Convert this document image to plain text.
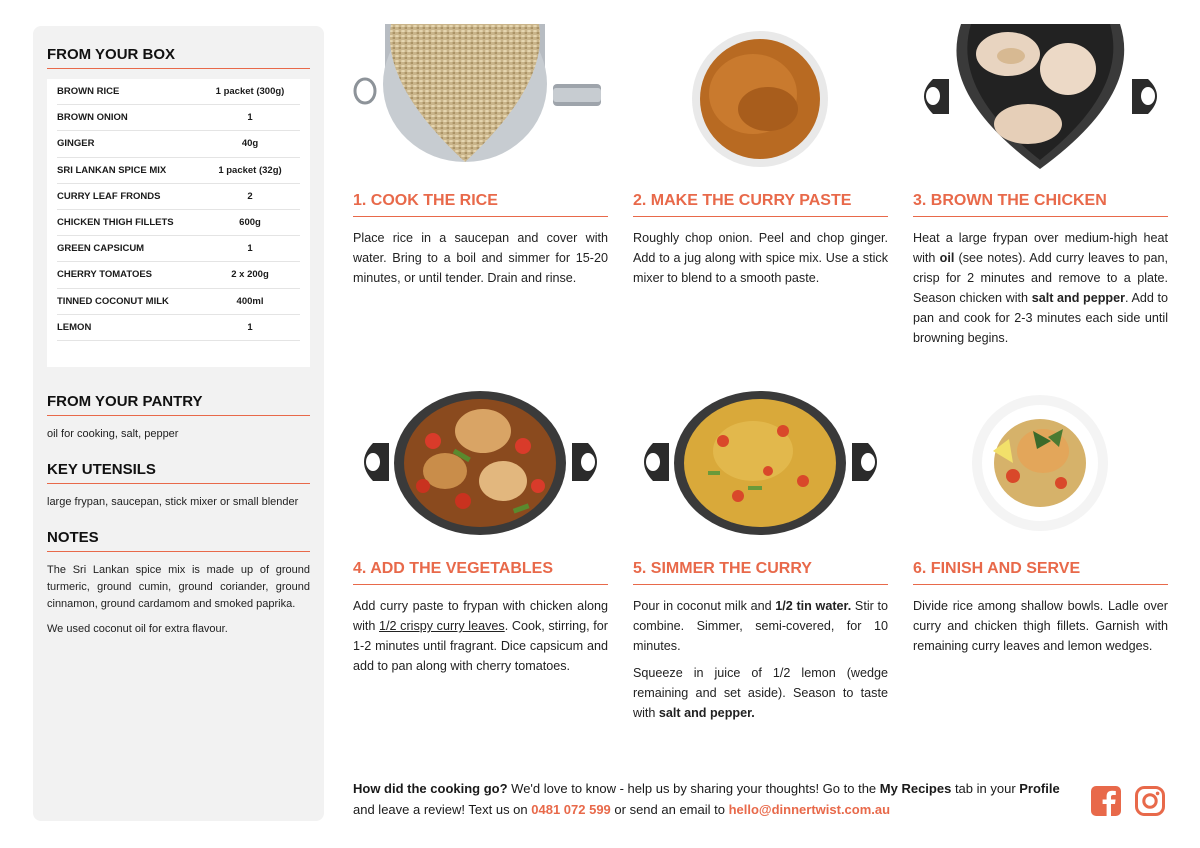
FROM YOUR BOX
BROWN RICE	1 packet (300g)
BROWN ONION	1
GINGER	40g
SRI LANKAN SPICE MIX	1 packet (32g)
CURRY LEAF FRONDS	2
CHICKEN THIGH FILLETS	600g
GREEN CAPSICUM	1
CHERRY TOMATOES	2 x 200g
TINNED COCONUT MILK	400ml
LEMON	1
FROM YOUR PANTRY
oil for cooking, salt, pepper
KEY UTENSILS
large frypan, saucepan, stick mixer or small blender
NOTES
The Sri Lankan spice mix is made up of ground turmeric, ground cumin, ground coriander, ground cinnamon, ground cardamom and smoked paprika.
We used coconut oil for extra flavour.
1. COOK THE RICE

Place rice in a saucepan and cover with water. Bring to a boil and simmer for 15-20 minutes, or until tender. Drain and rinse.

2. MAKE THE CURRY PASTE

Roughly chop onion. Peel and chop ginger. Add to a jug along with spice mix. Use a stick mixer to blend to a smooth paste.

3. BROWN THE CHICKEN

Heat a large frypan over medium-high heat with oil (see notes). Add curry leaves to pan, crisp for 2 minutes and remove to a plate. Season chicken with salt and pepper. Add to pan and cook for 2-3 minutes each side until browning begins.

4. ADD THE VEGETABLES

Add curry paste to frypan with chicken along with 1/2 crispy curry leaves. Cook, stirring, for 1-2 minutes until fragrant. Dice capsicum and add to pan along with cherry tomatoes.

5. SIMMER THE CURRY

Pour in coconut milk and 1/2 tin water. Stir to combine. Simmer, semi-covered, for 10 minutes.

Squeeze in juice of 1/2 lemon (wedge remaining and set aside). Season to taste with salt and pepper.

6. FINISH AND SERVE

Divide rice among shallow bowls. Ladle over curry and chicken thigh fillets. Garnish with remaining curry leaves and lemon wedges.

How did the cooking go? We'd love to know - help us by sharing your thoughts! Go to the My Recipes tab in your Profile and leave a review! Text us on 0481 072 599 or send an email to hello@dinnertwist.com.au
